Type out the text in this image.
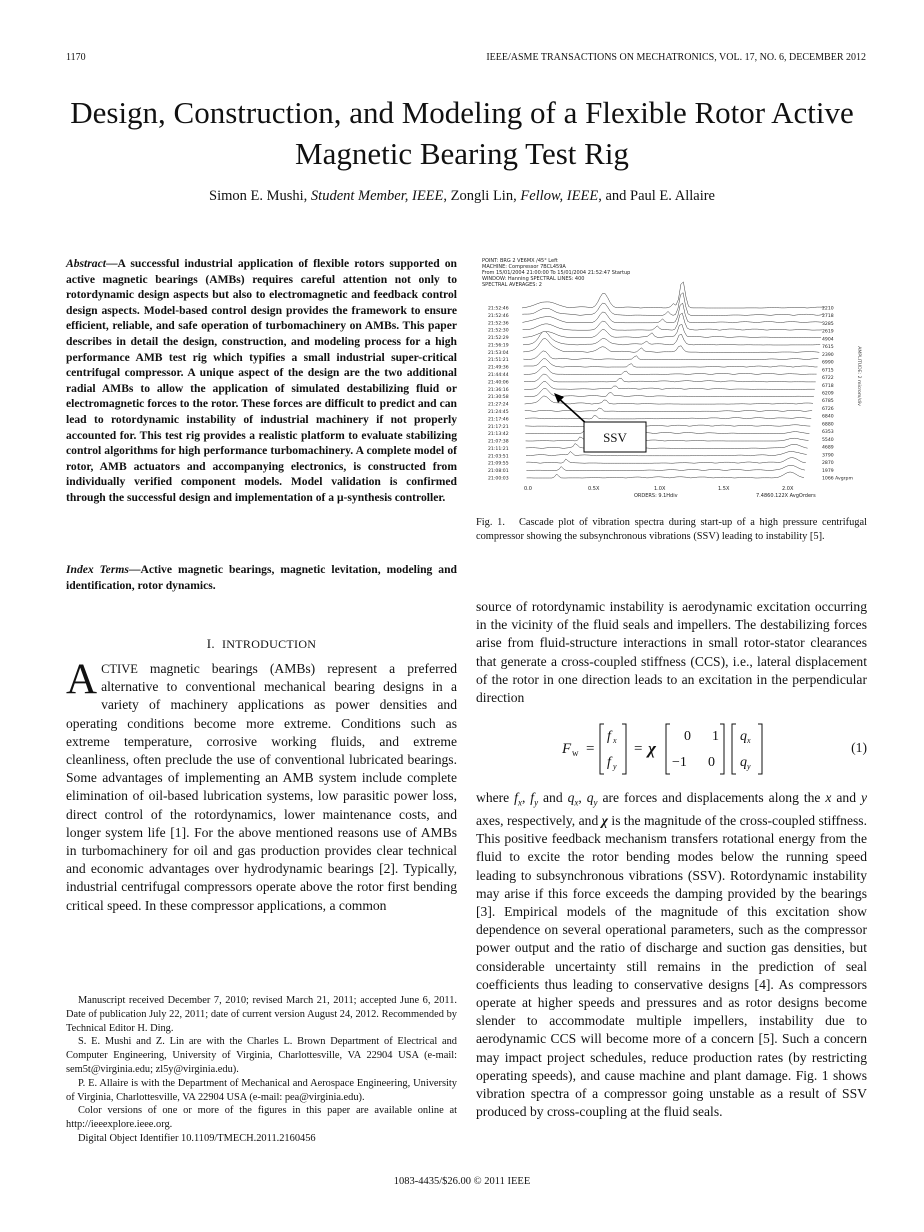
1170	IEEE/ASME TRANSACTIONS ON MECHATRONICS, VOL. 17, NO. 6, DECEMBER 2012
Design, Construction, and Modeling of a Flexible Rotor Active Magnetic Bearing Test Rig
Simon E. Mushi, Student Member, IEEE, Zongli Lin, Fellow, IEEE, and Paul E. Allaire
Abstract—A successful industrial application of flexible rotors supported on active magnetic bearings (AMBs) requires careful attention not only to rotordynamic design aspects but also to electromagnetic and feedback control design aspects. Model-based control design provides the framework to ensure efficient, reliable, and safe operation of turbomachinery on AMBs. This paper describes in detail the design, construction, and modeling process for a high performance AMB test rig which typifies a small industrial super-critical centrifugal compressor. A unique aspect of the design are the two additional radial AMBs to allow the application of simulated destabilizing fluid or electromagnetic forces to the rotor. These forces are difficult to predict and can lead to rotordynamic instability of industrial machinery if not properly accounted for. This test rig provides a realistic platform to evaluate stabilizing control algorithms for high performance turbomachinery. A complete model of rotor, AMB actuators and accompanying electronics, is constructed from individually verified component models. Model validation is confirmed through the successful design and implementation of a μ-synthesis controller.
Index Terms—Active magnetic bearings, magnetic levitation, modeling and identification, rotor dynamics.
I. INTRODUCTION
ACTIVE magnetic bearings (AMBs) represent a preferred alternative to conventional mechanical bearing designs in a variety of machinery applications as power densities and operating conditions become more extreme. Conditions such as extreme temperature, corrosive working fluids, and extreme cleanliness, often preclude the use of conventional lubricated bearings. Some advantages of implementing an AMB system include complete elimination of oil-based lubrication systems, low parasitic power loss, direct control of the rotordynamics, lower maintenance costs, and longer system life [1]. For the above mentioned reasons use of AMBs in turbomachinery for oil and gas production provides clear technical and economic advantages over hydrodynamic bearings [2]. Typically, industrial centrifugal compressors operate above the rotor first bending critical speed. In these compressor applications, a common

Manuscript received December 7, 2010; revised March 21, 2011; accepted June 6, 2011. Date of publication July 22, 2011; date of current version August 24, 2012. Recommended by Technical Editor H. Ding.

S. E. Mushi and Z. Lin are with the Charles L. Brown Department of Electrical and Computer Engineering, University of Virginia, Charlottesville, VA 22904 USA (e-mail: sem5t@virginia.edu; zl5y@virginia.edu).

P. E. Allaire is with the Department of Mechanical and Aerospace Engineering, University of Virginia, Charlottesville, VA 22904 USA (e-mail: pea@virginia.edu).

Color versions of one or more of the figures in this paper are available online at http://ieeexplore.ieee.org.

Digital Object Identifier 10.1109/TMECH.2011.2160456

POINT: BRG 2 VE6MX /45° Left
MACHINE: Compressor 7BCL459A
From 15/01/2004 21:00:00 To 15/01/2004 21:52:47 Startup
WINDOW: Hanning SPECTRAL LINES: 400
SPECTRAL AVERAGES: 2
21:52:46
21:52:46
21:52:36
21:52:30
21:52:29
21:56:19
21:53:04
21:51:21
21:49:36
21:44:44
21:40:06
21:36:16
21:30:58
21:27:24
21:24:45
21:17:46
21:17:21
21:13:42
21:07:38
21:11:21
21:03:51
21:09:55
21:08:01
21:00:03
2210
2718
3285
2619
4904
7615
2390
6990
6715
6722
6718
6209
6785
6726
6840
6880
6353
5540
4689
3790
2870
1979
1066 Avgrpm
SSV
0.0	0.5X	1.0X	1.5X	2.0X
ORDERS: 9.1Hdiv	7.4860.122X AvgOrders
AMPLITUDE: 2 microm/div
Fig. 1. Cascade plot of vibration spectra during start-up of a high pressure centrifugal compressor showing the subsynchronous vibrations (SSV) leading to instability [5].
source of rotordynamic instability is aerodynamic excitation occurring in the vicinity of the fluid seals and impellers. The destabilizing forces arise from fluid-structure interactions in small rotor-stator clearances that generate a cross-coupled stiffness (CCS), i.e., lateral displacement of the rotor in one direction leads to an excitation in the perpendicular direction
F w =
f x
f y
= χ
0 1
−1 0
q x
q y
(1)
where $f_x$, $f_y$ and $q_x$, $q_y$ are forces and displacements along the x and y axes, respectively, and χ is the magnitude of the cross-coupled stiffness. This positive feedback mechanism transfers rotational energy from the fluid to excite the rotor bending modes below the running speed leading to subsynchronous vibrations (SSV). Rotordynamic instability may arise if this force exceeds the damping provided by the bearings [3]. Empirical models of the magnitude of this excitation show dependence on several operational parameters, such as the compressor power output and the ratio of discharge and suction gas densities, but considerable uncertainty still remains in the prediction of seal coefficients thus leading to conservative designs [4]. As compressors operate at higher speeds and pressures and as rotor designs become slender to accommodate multiple impellers, instability due to aerodynamic CCS will become more of a concern [5]. Such a concern may impact project schedules, reduce production rates (by restricting operating speeds), and cause machine and plant damage. Fig. 1 shows vibration spectra of a compressor going unstable as a result of SSV produced by cross-coupling at the fluid seals.
1083-4435/$26.00 © 2011 IEEE
